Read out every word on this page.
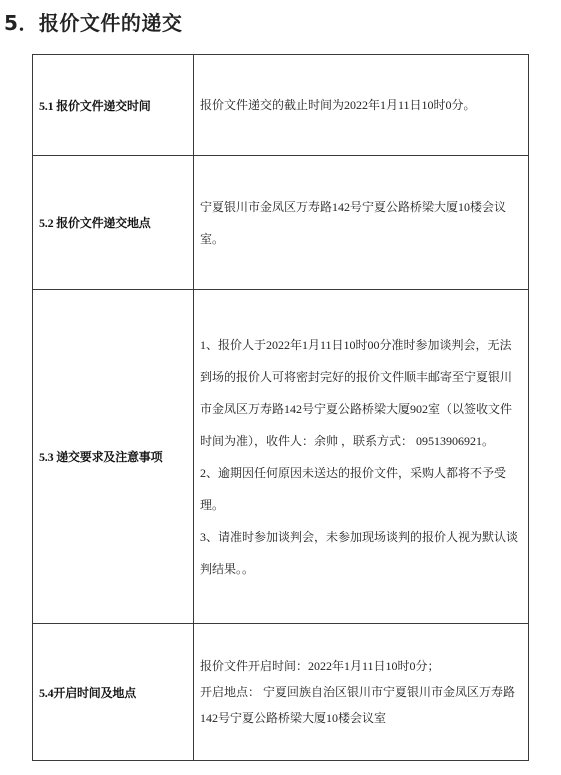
5．报价文件的递交
5.1 报价文件递交时间	报价文件递交的截止时间为2022年1月11日10时0分。

5.2 报价文件递交地点	宁夏银川市金凤区万寿路142号宁夏公路桥梁大厦10楼会议室。

5.3 递交要求及注意事项	1、报价人于2022年1月11日10时00分准时参加谈判会，无法到场的报价人可将密封完好的报价文件顺丰邮寄至宁夏银川市金凤区万寿路142号宁夏公路桥梁大厦902室（以签收文件时间为准），收件人：余帅 ，联系方式： 09513906921。

2、逾期因任何原因未送达的报价文件，采购人都将不予受理。

3、请准时参加谈判会，未参加现场谈判的报价人视为默认谈判结果。。

5.4开启时间及地点	报价文件开启时间：2022年1月11日10时0分；

开启地点： 宁夏回族自治区银川市宁夏银川市金凤区万寿路142号宁夏公路桥梁大厦10楼会议室
